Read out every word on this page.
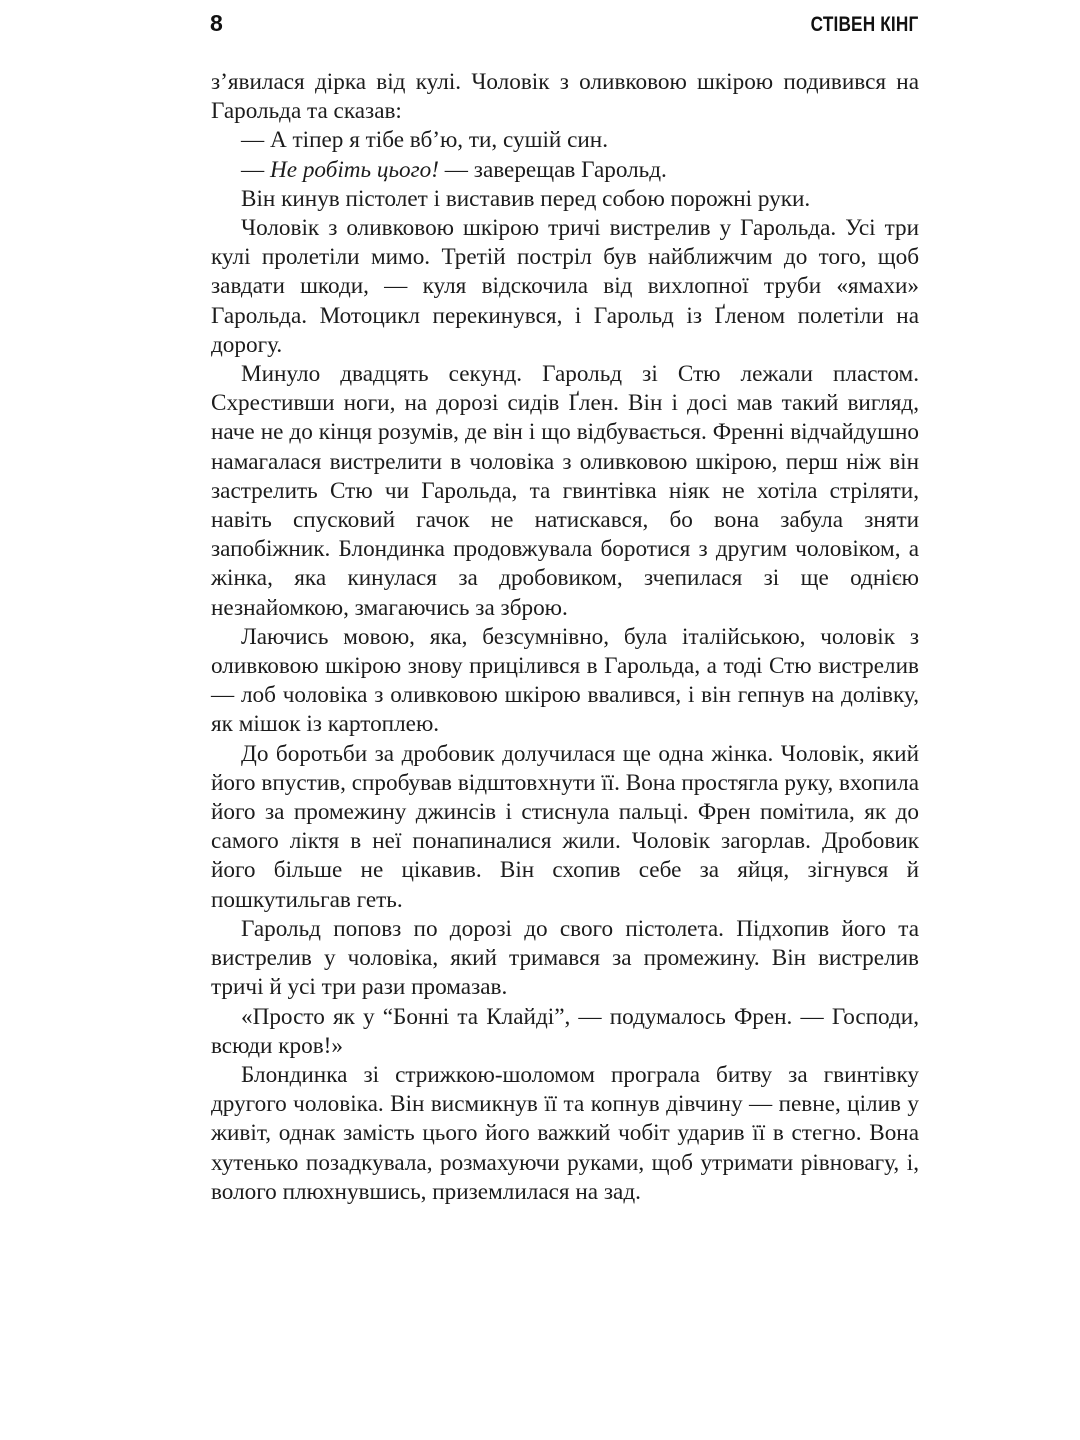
8	СТІВЕН КІНГ

з’явилася дірка від кулі. Чоловік з оливковою шкірою подивився на Гарольда та сказав:

— А тіпер я тібе вб’ю, ти, сушій син.

— Не робіть цього! — заверещав Гарольд.

Він кинув пістолет і виставив перед собою порожні руки.

Чоловік з оливковою шкірою тричі вистрелив у Гарольда. Усі три кулі пролетіли мимо. Третій постріл був найближчим до того, щоб завдати шкоди, — куля відскочила від вихлопної труби «ямахи» Гарольда. Мотоцикл перекинувся, і Гарольд із Ґленом полетіли на дорогу.

Минуло двадцять секунд. Гарольд зі Стю лежали пластом. Схрестивши ноги, на дорозі сидів Ґлен. Він і досі мав такий вигляд, наче не до кінця розумів, де він і що відбувається. Френні відчайдушно намагалася вистрелити в чоловіка з оливковою шкірою, перш ніж він застрелить Стю чи Гарольда, та гвинтівка ніяк не хотіла стріляти, навіть спусковий гачок не натискався, бо вона забула зняти запобіжник. Блондинка продовжувала боротися з другим чоловіком, а жінка, яка кинулася за дробовиком, зчепилася зі ще однією незнайомкою, змагаючись за зброю.

Лаючись мовою, яка, безсумнівно, була італійською, чоловік з оливковою шкірою знову прицілився в Гарольда, а тоді Стю вистрелив — лоб чоловіка з оливковою шкірою ввалився, і він гепнув на долівку, як мішок із картоплею.

До боротьби за дробовик долучилася ще одна жінка. Чоловік, який його впустив, спробував відштовхнути її. Вона простягла руку, вхопила його за промежину джинсів і стиснула пальці. Френ помітила, як до самого ліктя в неї понапиналися жили. Чоловік загорлав. Дробовик його більше не цікавив. Він схопив себе за яйця, зігнувся й пошкутильгав геть.

Гарольд поповз по дорозі до свого пістолета. Підхопив його та вистрелив у чоловіка, який тримався за промежину. Він вистрелив тричі й усі три рази промазав.

«Просто як у “Бонні та Клайді”, — подумалось Френ. — Господи, всюди кров!»

Блондинка зі стрижкою-шоломом програла битву за гвинтівку другого чоловіка. Він висмикнув її та копнув дівчину — певне, цілив у живіт, однак замість цього його важкий чобіт ударив її в стегно. Вона хутенько позадкувала, розмахуючи руками, щоб утримати рівновагу, і, волого плюхнувшись, приземлилася на зад.
